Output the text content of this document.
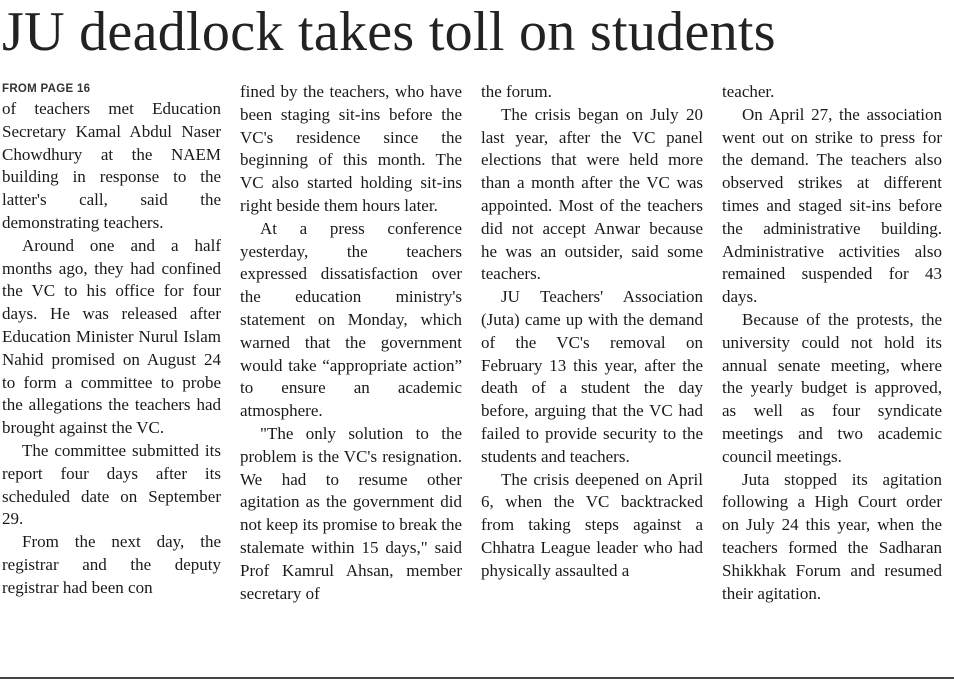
JU deadlock takes toll on students
FROM PAGE 16

of teachers met Education Secretary Kamal Abdul Naser Chowdhury at the NAEM building in response to the latter's call, said the demonstrating teachers.

Around one and a half months ago, they had confined the VC to his office for four days. He was released after Education Minister Nurul Islam Nahid promised on August 24 to form a committee to probe the allegations the teachers had brought against the VC.

The committee submitted its report four days after its scheduled date on September 29.

From the next day, the registrar and the deputy registrar had been con

fined by the teachers, who have been staging sit-ins before the VC's residence since the beginning of this month. The VC also started holding sit-ins right beside them hours later.

At a press conference yesterday, the teachers expressed dissatisfaction over the education ministry's statement on Monday, which warned that the government would take “appropriate action” to ensure an academic atmosphere.

"The only solution to the problem is the VC's resignation. We had to resume other agitation as the government did not keep its promise to break the stalemate within 15 days," said Prof Kamrul Ahsan, member secretary of

the forum.

The crisis began on July 20 last year, after the VC panel elections that were held more than a month after the VC was appointed. Most of the teachers did not accept Anwar because he was an outsider, said some teachers.

JU Teachers' Association (Juta) came up with the demand of the VC's removal on February 13 this year, after the death of a student the day before, arguing that the VC had failed to provide security to the students and teachers.

The crisis deepened on April 6, when the VC backtracked from taking steps against a Chhatra League leader who had physically assaulted a

teacher.

On April 27, the association went out on strike to press for the demand. The teachers also observed strikes at different times and staged sit-ins before the administrative building. Administrative activities also remained suspended for 43 days.

Because of the protests, the university could not hold its annual senate meeting, where the yearly budget is approved, as well as four syndicate meetings and two academic council meetings.

Juta stopped its agitation following a High Court order on July 24 this year, when the teachers formed the Sadharan Shikkhak Forum and resumed their agitation.
